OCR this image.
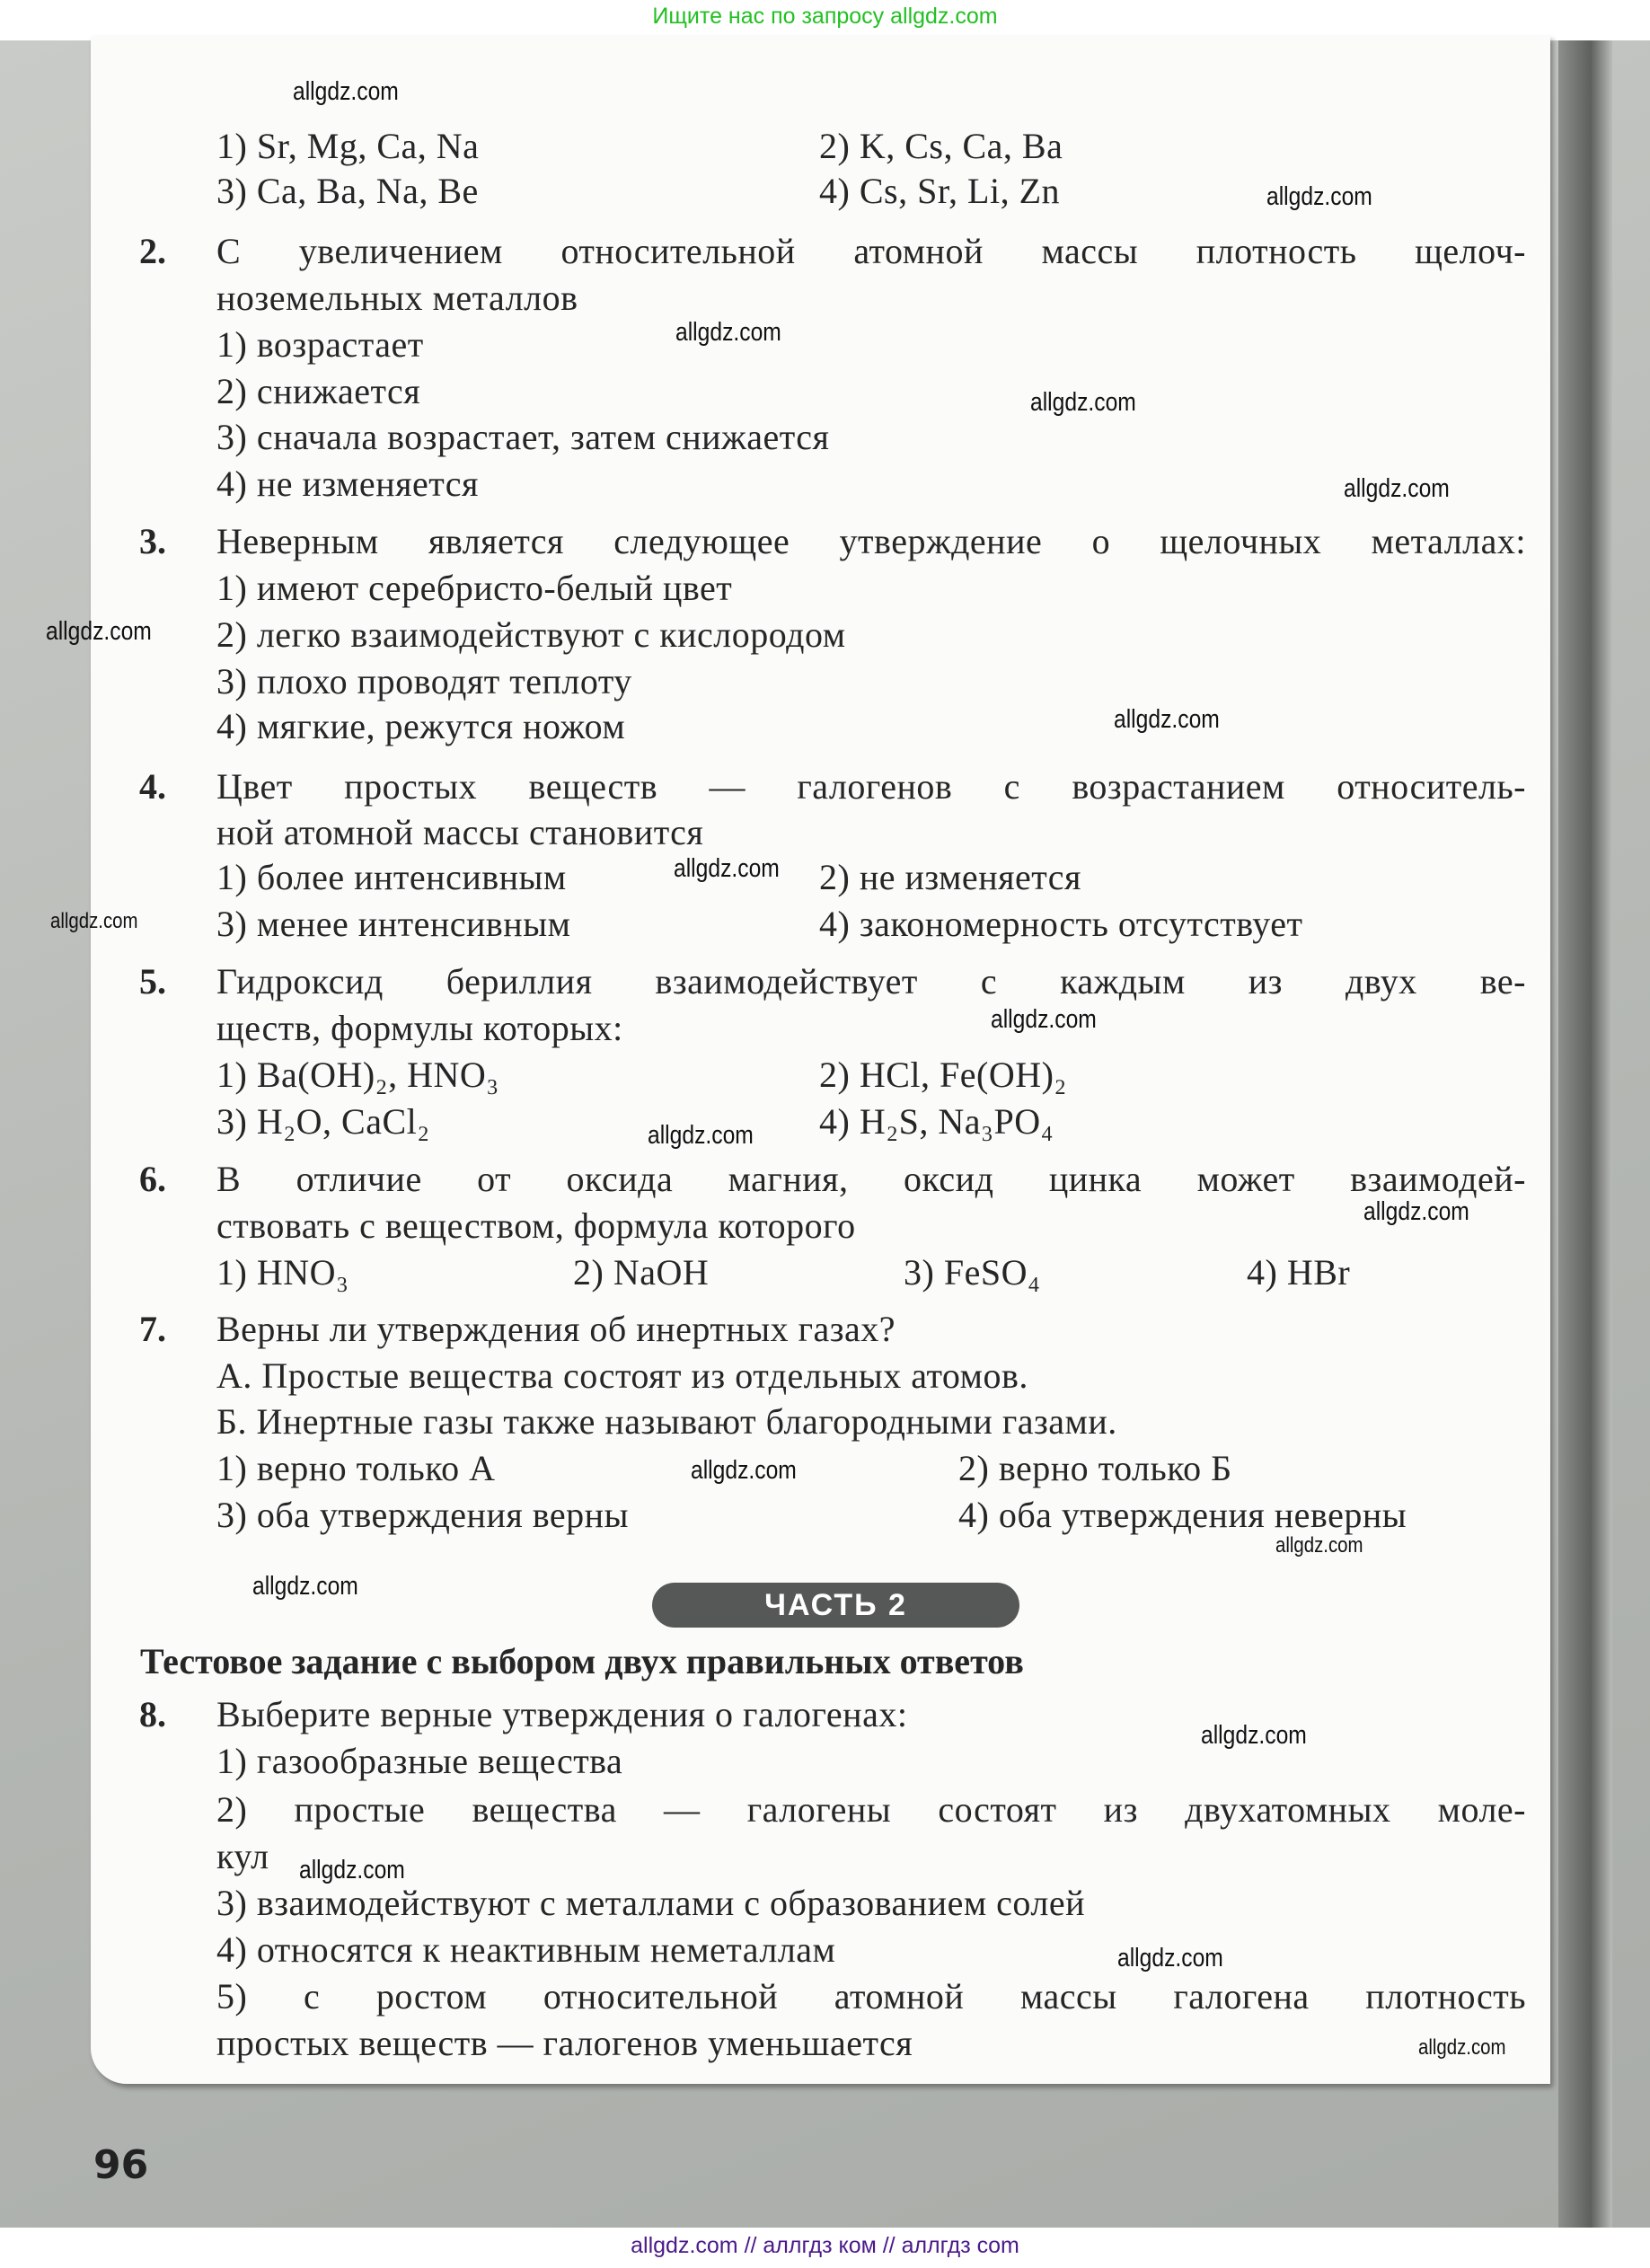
Ищите нас по запросу allgdz.com
1) Sr, Mg, Ca, Na	2) K, Cs, Ca, Ba
3) Ca, Ba, Na, Be	4) Cs, Sr, Li, Zn
2. С увеличением относительной атомной массы плотность щелоч-
ноземельных металлов
1) возрастает
2) снижается
3) сначала возрастает, затем снижается
4) не изменяется
3. Неверным является следующее утверждение о щелочных металлах:
1) имеют серебристо-белый цвет
2) легко взаимодействуют с кислородом
3) плохо проводят теплоту
4) мягкие, режутся ножом
4. Цвет простых веществ — галогенов с возрастанием относитель-
ной атомной массы становится
1) более интенсивным	2) не изменяется
3) менее интенсивным	4) закономерность отсутствует
5. Гидроксид бериллия взаимодействует с каждым из двух ве-
ществ, формулы которых:
1) Ba(OH)₂, HNO₃	2) HCl, Fe(OH)₂
3) H₂O, CaCl₂	4) H₂S, Na₃PO₄
6. В отличие от оксида магния, оксид цинка может взаимодей-
ствовать с веществом, формула которого
1) HNO₃	2) NaOH	3) FeSO₄	4) HBr
7. Верны ли утверждения об инертных газах?
А. Простые вещества состоят из отдельных атомов.
Б. Инертные газы также называют благородными газами.
1) верно только А	2) верно только Б
3) оба утверждения верны	4) оба утверждения неверны
ЧАСТЬ 2
Тестовое задание с выбором двух правильных ответов
8. Выберите верные утверждения о галогенах:
1) газообразные вещества
2) простые вещества — галогены состоят из двухатомных моле-
кул
3) взаимодействуют с металлами с образованием солей
4) относятся к неактивным неметаллам
5) с ростом относительной атомной массы галогена плотность
простых веществ — галогенов уменьшается
96
allgdz.com
allgdz.com
allgdz.com
allgdz.com
allgdz.com
allgdz.com
allgdz.com
allgdz.com
allgdz.com
allgdz.com
allgdz.com
allgdz.com
allgdz.com
allgdz.com
allgdz.com
allgdz.com
allgdz.com
allgdz.com
allgdz.com
allgdz.com // аллгдз ком // аллгдз com
